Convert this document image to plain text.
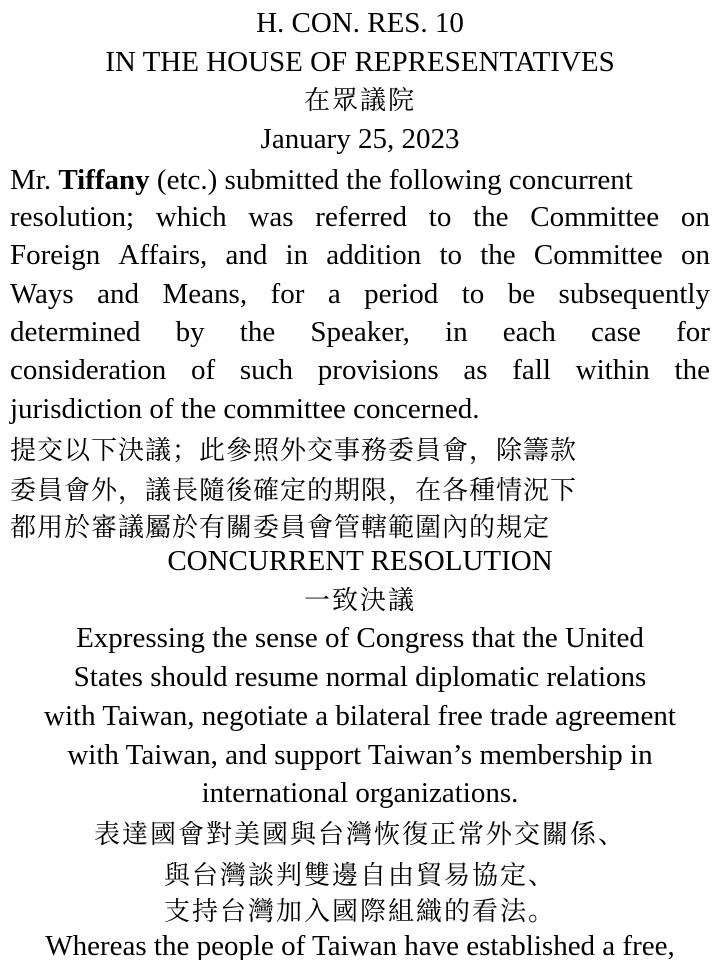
H. CON. RES. 10
IN THE HOUSE OF REPRESENTATIVES
在眾議院
January 25, 2023
Mr. Tiffany (etc.) submitted the following concurrent
resolution; which was referred to the Committee on
Foreign Affairs, and in addition to the Committee on
Ways and Means, for a period to be subsequently
determined by the Speaker, in each case for
consideration of such provisions as fall within the
jurisdiction of the committee concerned.
提交以下決議；此參照外交事務委員會，除籌款
委員會外，議長隨後確定的期限，在各種情況下
都用於審議屬於有關委員會管轄範圍內的規定
CONCURRENT RESOLUTION
一致決議
Expressing the sense of Congress that the United
States should resume normal diplomatic relations
with Taiwan, negotiate a bilateral free trade agreement
with Taiwan, and support Taiwan’s membership in
international organizations.
表達國會對美國與台灣恢復正常外交關係、
與台灣談判雙邊自由貿易協定、
支持台灣加入國際組織的看法。
Whereas the people of Taiwan have established a free,
